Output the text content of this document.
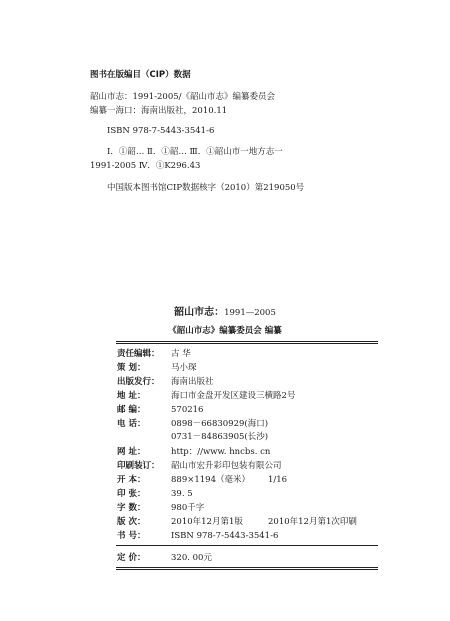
图书在版编目（CIP）数据
韶山市志：1991-2005/《韶山市志》编纂委员会
编纂一海口：海南出版社，2010.11
ISBN 978-7-5443-3541-6
Ⅰ．①韶… Ⅱ．①韶… Ⅲ．①韶山市一地方志一
1991-2005 Ⅳ．①K296.43
中国版本图书馆CIP数据核字（2010）第219050号
韶山市志：1991—2005
《韶山市志》编纂委员会 编纂
责任编辑：	古 华
策 划：	马小琛
出版发行：	海南出版社
地 址：	海口市金盘开发区建设三横路2号
邮 编：	570216
电 话：	0898－66830929(海口)
0731－84863905(长沙)
网 址：	http：//www. hncbs. cn
印刷装订：	韶山市宏升彩印包装有限公司
开 本：	889×1194（毫米） 1/16
印 张：	39. 5
字 数：	980千字
版 次：	2010年12月第1版	2010年12月第1次印刷
书 号：	ISBN 978-7-5443-3541-6
定 价：	320. 00元
